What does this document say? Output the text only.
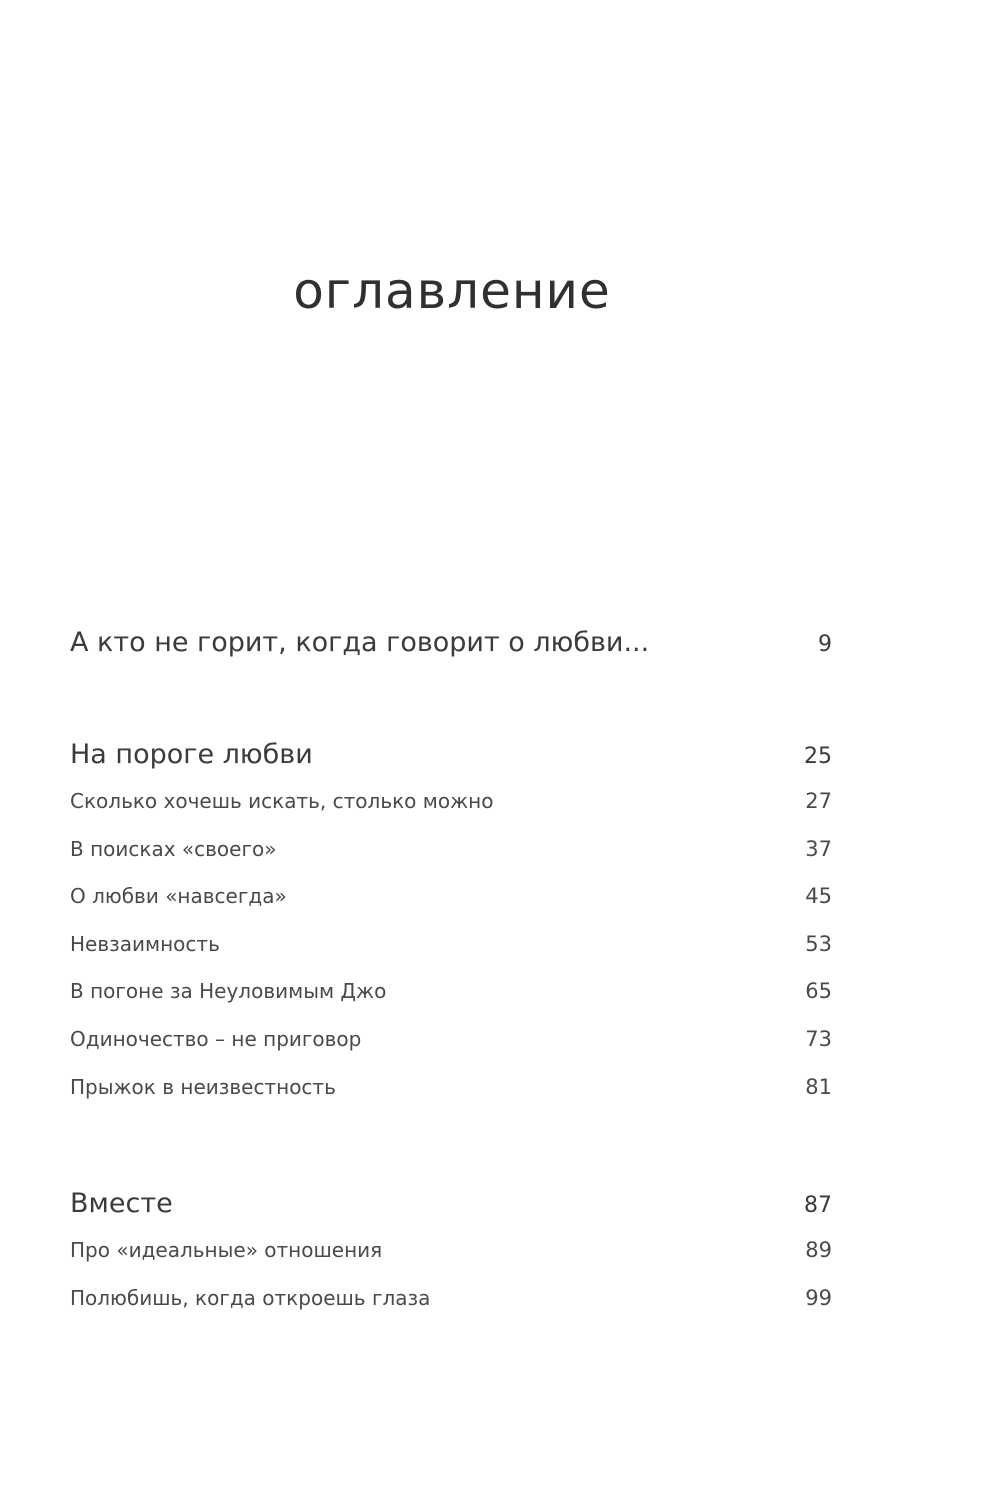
оглавление
А кто не горит, когда говорит о любви...	9
На пороге любви	25
Сколько хочешь искать, столько можно	27
В поисках «своего»	37
О любви «навсегда»	45
Невзаимность	53
В погоне за Неуловимым Джо	65
Одиночество – не приговор	73
Прыжок в неизвестность	81
Вместе	87
Про «идеальные» отношения	89
Полюбишь, когда откроешь глаза	99
